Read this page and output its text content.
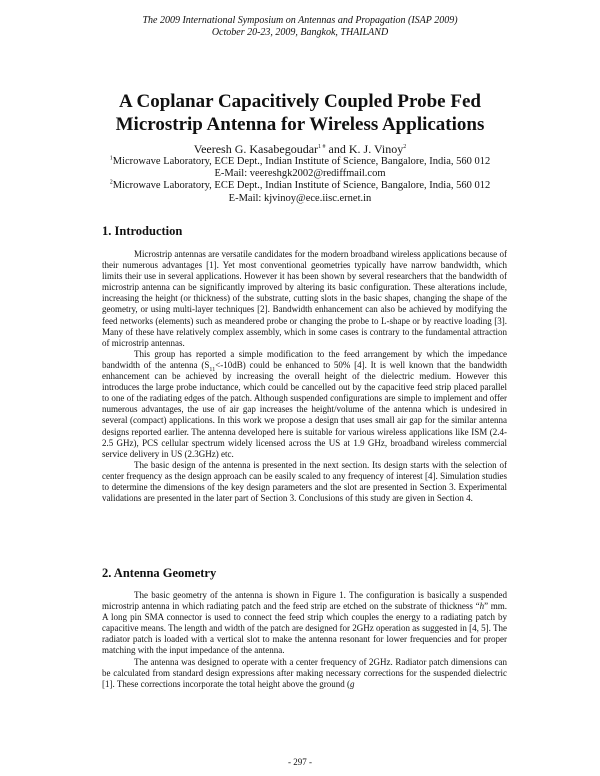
The 2009 International Symposium on Antennas and Propagation (ISAP 2009)
October 20-23, 2009, Bangkok, THAILAND
A Coplanar Capacitively Coupled Probe Fed
Microstrip Antenna for Wireless Applications
Veeresh G. Kasabegoudar$^{1 \#}$ and K. J. Vinoy$^2$
$^1$Microwave Laboratory, ECE Dept., Indian Institute of Science, Bangalore, India, 560 012
E-Mail: veereshgk2002@rediffmail.com
$^2$Microwave Laboratory, ECE Dept., Indian Institute of Science, Bangalore, India, 560 012
E-Mail: kjvinoy@ece.iisc.ernet.in
1. Introduction

Microstrip antennas are versatile candidates for the modern broadband wireless applications because of their numerous advantages [1]. Yet most conventional geometries typically have narrow bandwidth, which limits their use in several applications. However it has been shown by several researchers that the bandwidth of microstrip antenna can be significantly improved by altering its basic configuration. These alterations include, increasing the height (or thickness) of the substrate, cutting slots in the basic shapes, changing the shape of the geometry, or using multi-layer techniques [2]. Bandwidth enhancement can also be achieved by modifying the feed networks (elements) such as meandered probe or changing the probe to L-shape or by reactive loading [3]. Many of these have relatively complex assembly, which in some cases is contrary to the fundamental attraction of microstrip antennas.

This group has reported a simple modification to the feed arrangement by which the impedance bandwidth of the antenna $(S_{11}<-10dB)$ could be enhanced to 50% [4]. It is well known that the bandwidth enhancement can be achieved by increasing the overall height of the dielectric medium. However this introduces the large probe inductance, which could be cancelled out by the capacitive feed strip placed parallel to one of the radiating edges of the patch. Although suspended configurations are simple to implement and offer numerous advantages, the use of air gap increases the height/volume of the antenna which is undesired in several (compact) applications. In this work we propose a design that uses small air gap for the similar antenna designs reported earlier. The antenna developed here is suitable for various wireless applications like ISM (2.4-2.5 GHz), PCS cellular spectrum widely licensed across the US at 1.9 GHz, broadband wireless commercial service delivery in US (2.3GHz) etc.

The basic design of the antenna is presented in the next section. Its design starts with the selection of center frequency as the design approach can be easily scaled to any frequency of interest [4]. Simulation studies to determine the dimensions of the key design parameters and the slot are presented in Section 3. Experimental validations are presented in the later part of Section 3. Conclusions of this study are given in Section 4.

2. Antenna Geometry

The basic geometry of the antenna is shown in Figure 1. The configuration is basically a suspended microstrip antenna in which radiating patch and the feed strip are etched on the substrate of thickness “h” mm. A long pin SMA connector is used to connect the feed strip which couples the energy to a radiating patch by capacitive means. The length and width of the patch are designed for 2GHz operation as suggested in [4, 5]. The radiator patch is loaded with a vertical slot to make the antenna resonant for lower frequencies and for proper matching with the input impedance of the antenna.

The antenna was designed to operate with a center frequency of 2GHz. Radiator patch dimensions can be calculated from standard design expressions after making necessary corrections for the suspended dielectric [1]. These corrections incorporate the total height above the ground (g

- 297 -
